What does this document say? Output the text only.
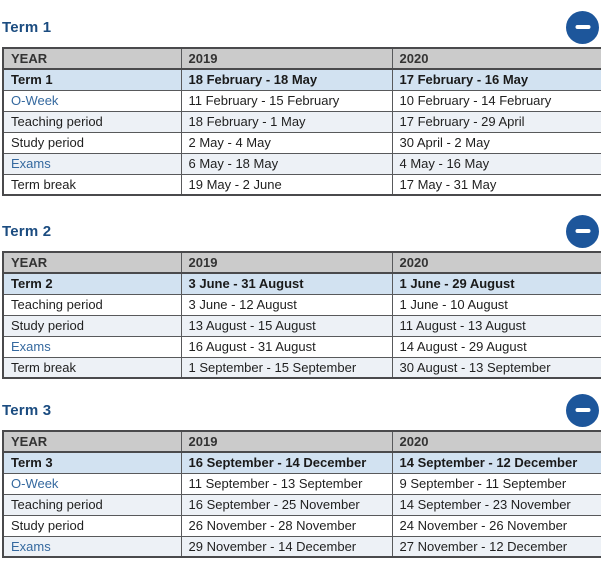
Term 1
YEAR	2019	2020
Term 1	18 February - 18 May	17 February - 16 May
O-Week	11 February - 15 February	10 February - 14 February
Teaching period	18 February - 1 May	17 February - 29 April
Study period	2 May - 4 May	30 April - 2 May
Exams	6 May - 18 May	4 May - 16 May
Term break	19 May - 2 June	17 May - 31 May
Term 2
YEAR	2019	2020
Term 2	3 June - 31 August	1 June - 29 August
Teaching period	3 June - 12 August	1 June - 10 August
Study period	13 August - 15 August	11 August - 13 August
Exams	16 August - 31 August	14 August - 29 August
Term break	1 September - 15 September	30 August - 13 September
Term 3
YEAR	2019	2020
Term 3	16 September - 14 December	14 September - 12 December
O-Week	11 September - 13 September	9 September - 11 September
Teaching period	16 September - 25 November	14 September - 23 November
Study period	26 November - 28 November	24 November - 26 November
Exams	29 November - 14 December	27 November - 12 December
